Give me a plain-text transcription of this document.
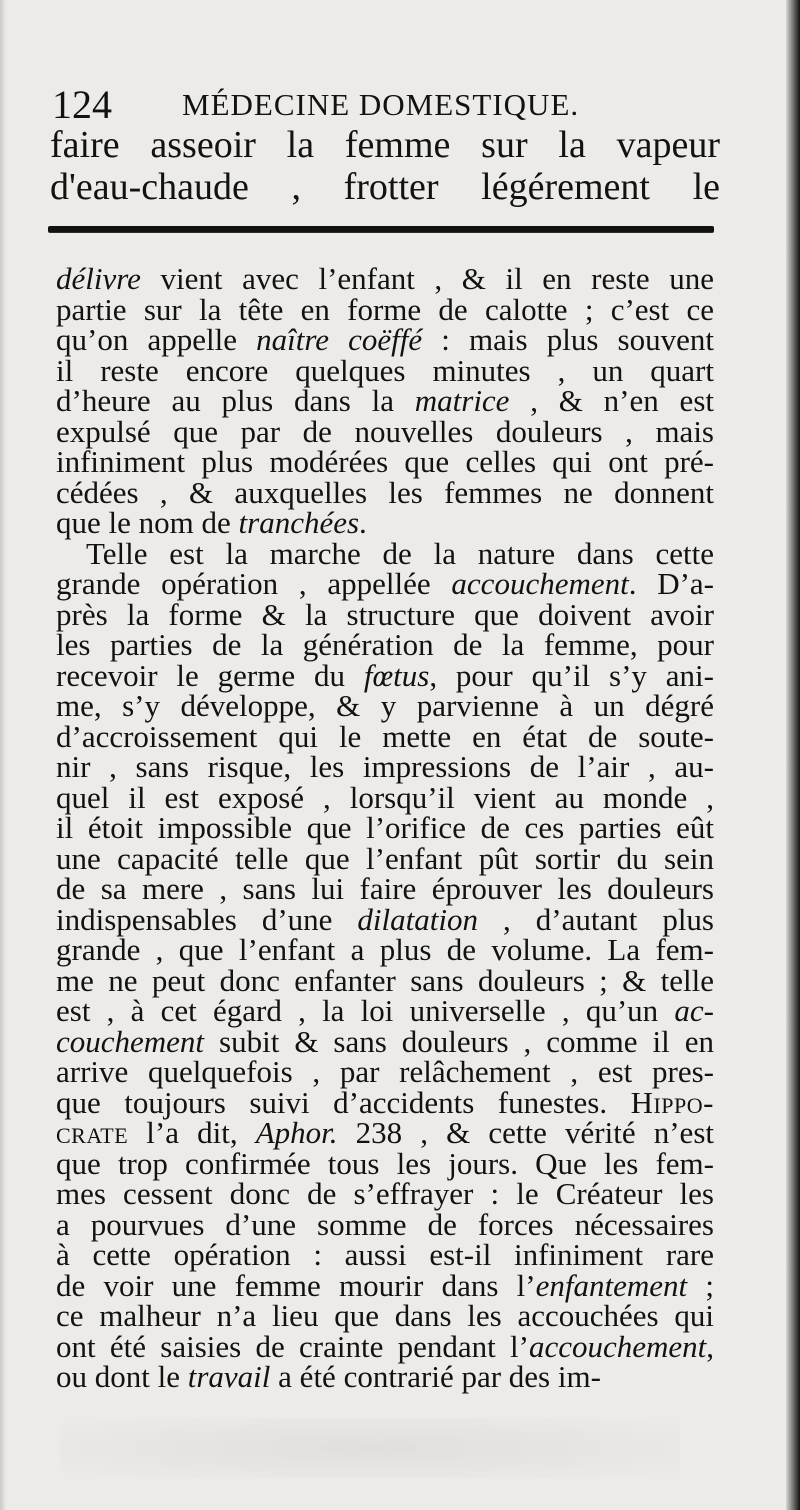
124 MÉDECINE DOMESTIQUE.
faire asseoir la femme sur la vapeur
d'eau-chaude , frotter légérement le
délivre vient avec l’enfant , & il en reste une
partie sur la tête en forme de calotte ; c’est ce
qu’on appelle naître coëffé : mais plus souvent
il reste encore quelques minutes , un quart
d’heure au plus dans la matrice , & n’en est
expulsé que par de nouvelles douleurs , mais
infiniment plus modérées que celles qui ont pré-
cédées , & auxquelles les femmes ne donnent
que le nom de tranchées.
Telle est la marche de la nature dans cette
grande opération , appellée accouchement. D’a-
près la forme & la structure que doivent avoir
les parties de la génération de la femme, pour
recevoir le germe du fœtus, pour qu’il s’y ani-
me, s’y développe, & y parvienne à un dégré
d’accroissement qui le mette en état de soute-
nir , sans risque, les impressions de l’air , au-
quel il est exposé , lorsqu’il vient au monde ,
il étoit impossible que l’orifice de ces parties eût
une capacité telle que l’enfant pût sortir du sein
de sa mere , sans lui faire éprouver les douleurs
indispensables d’une dilatation , d’autant plus
grande , que l’enfant a plus de volume. La fem-
me ne peut donc enfanter sans douleurs ; & telle
est , à cet égard , la loi universelle , qu’un ac-
couchement subit & sans douleurs , comme il en
arrive quelquefois , par relâchement , est pres-
que toujours suivi d’accidents funestes. Hippo-
crate l’a dit, Aphor. 238 , & cette vérité n’est
que trop confirmée tous les jours. Que les fem-
mes cessent donc de s’effrayer : le Créateur les
a pourvues d’une somme de forces nécessaires
à cette opération : aussi est-il infiniment rare
de voir une femme mourir dans l’enfantement ;
ce malheur n’a lieu que dans les accouchées qui
ont été saisies de crainte pendant l’accouchement,
ou dont le travail a été contrarié par des im-
